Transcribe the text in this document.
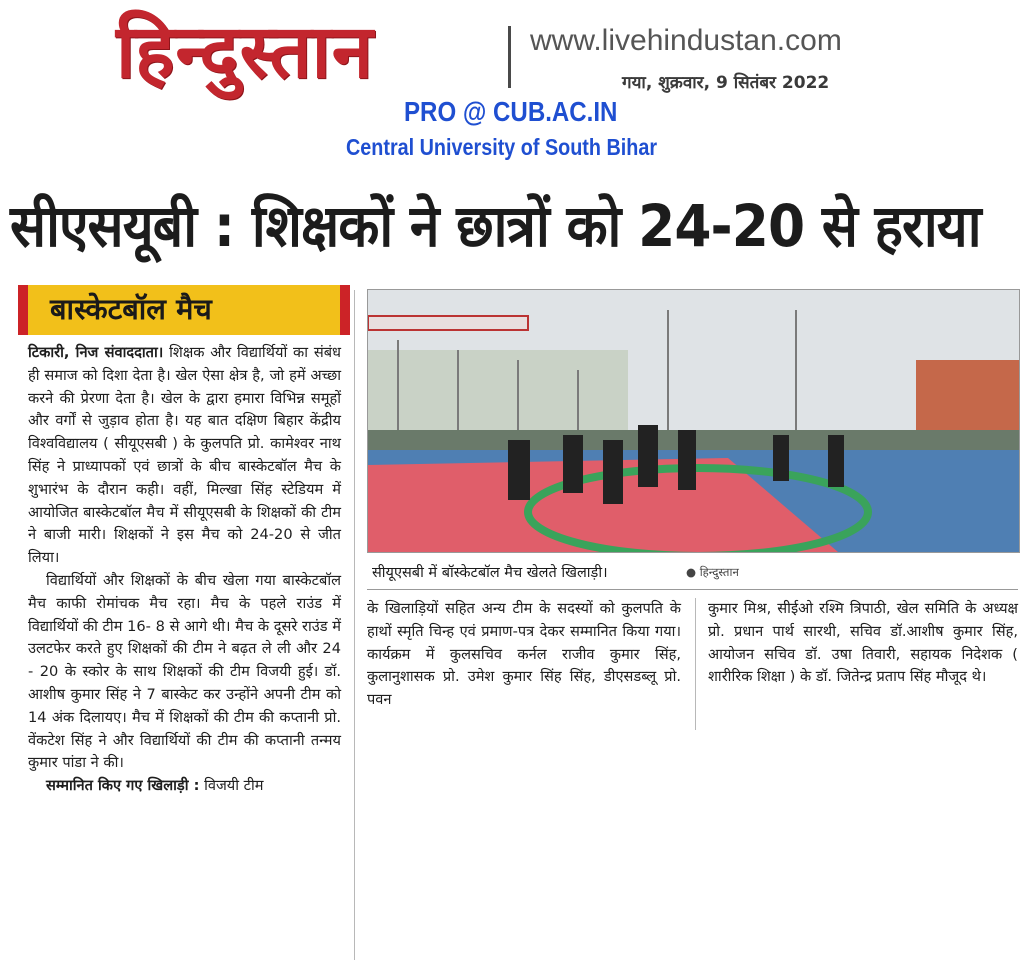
हिन्दुस्तान	www.livehindustan.com
गया, शुक्रवार, 9 सितंबर 2022
PRO @ CUB.AC.IN
Central University of South Bihar
सीएसयूबी : शिक्षकों ने छात्रों को 24-20 से हराया
बास्केटबॉल मैच

टिकारी, निज संवाददाता। शिक्षक और विद्यार्थियों का संबंध ही समाज को दिशा देता है। खेल ऐसा क्षेत्र है, जो हमें अच्छा करने की प्रेरणा देता है। खेल के द्वारा हमारा विभिन्न समूहों और वर्गों से जुड़ाव होता है। यह बात दक्षिण बिहार केंद्रीय विश्वविद्यालय ( सीयूएसबी ) के कुलपति प्रो. कामेश्वर नाथ सिंह ने प्राध्यापकों एवं छात्रों के बीच बास्केटबॉल मैच के शुभारंभ के दौरान कही। वहीं, मिल्खा सिंह स्टेडियम में आयोजित बास्केटबॉल मैच में सीयूएसबी के शिक्षकों की टीम ने बाजी मारी। शिक्षकों ने इस मैच को 24-20 से जीत लिया।

विद्यार्थियों और शिक्षकों के बीच खेला गया बास्केटबॉल मैच काफी रोमांचक मैच रहा। मैच के पहले राउंड में विद्यार्थियों की टीम 16- 8 से आगे थी। मैच के दूसरे राउंड में उलटफेर करते हुए शिक्षकों की टीम ने बढ़त ले ली और 24 - 20 के स्कोर के साथ शिक्षकों की टीम विजयी हुई। डॉ. आशीष कुमार सिंह ने 7 बास्केट कर उन्होंने अपनी टीम को 14 अंक दिलायए। मैच में शिक्षकों की टीम की कप्तानी प्रो. वेंकटेश सिंह ने और विद्यार्थियों की टीम की कप्तानी तन्मय कुमार पांडा ने की।

सम्मानित किए गए खिलाड़ी : विजयी टीम

सीयूएसबी में बॉस्केटबॉल मैच खेलते खिलाड़ी।	● हिन्दुस्तान

के खिलाड़ियों सहित अन्य टीम के सदस्यों को कुलपति के हाथों स्मृति चिन्ह एवं प्रमाण-पत्र देकर सम्मानित किया गया। कार्यक्रम में कुलसचिव कर्नल राजीव कुमार सिंह, कुलानुशासक प्रो. उमेश कुमार सिंह सिंह, डीएसडब्लू प्रो. पवन

कुमार मिश्र, सीईओ रश्मि त्रिपाठी, खेल समिति के अध्यक्ष प्रो. प्रधान पार्थ सारथी, सचिव डॉ.आशीष कुमार सिंह, आयोजन सचिव डॉ. उषा तिवारी, सहायक निदेशक ( शारीरिक शिक्षा ) के डॉ. जितेन्द्र प्रताप सिंह मौजूद थे।
